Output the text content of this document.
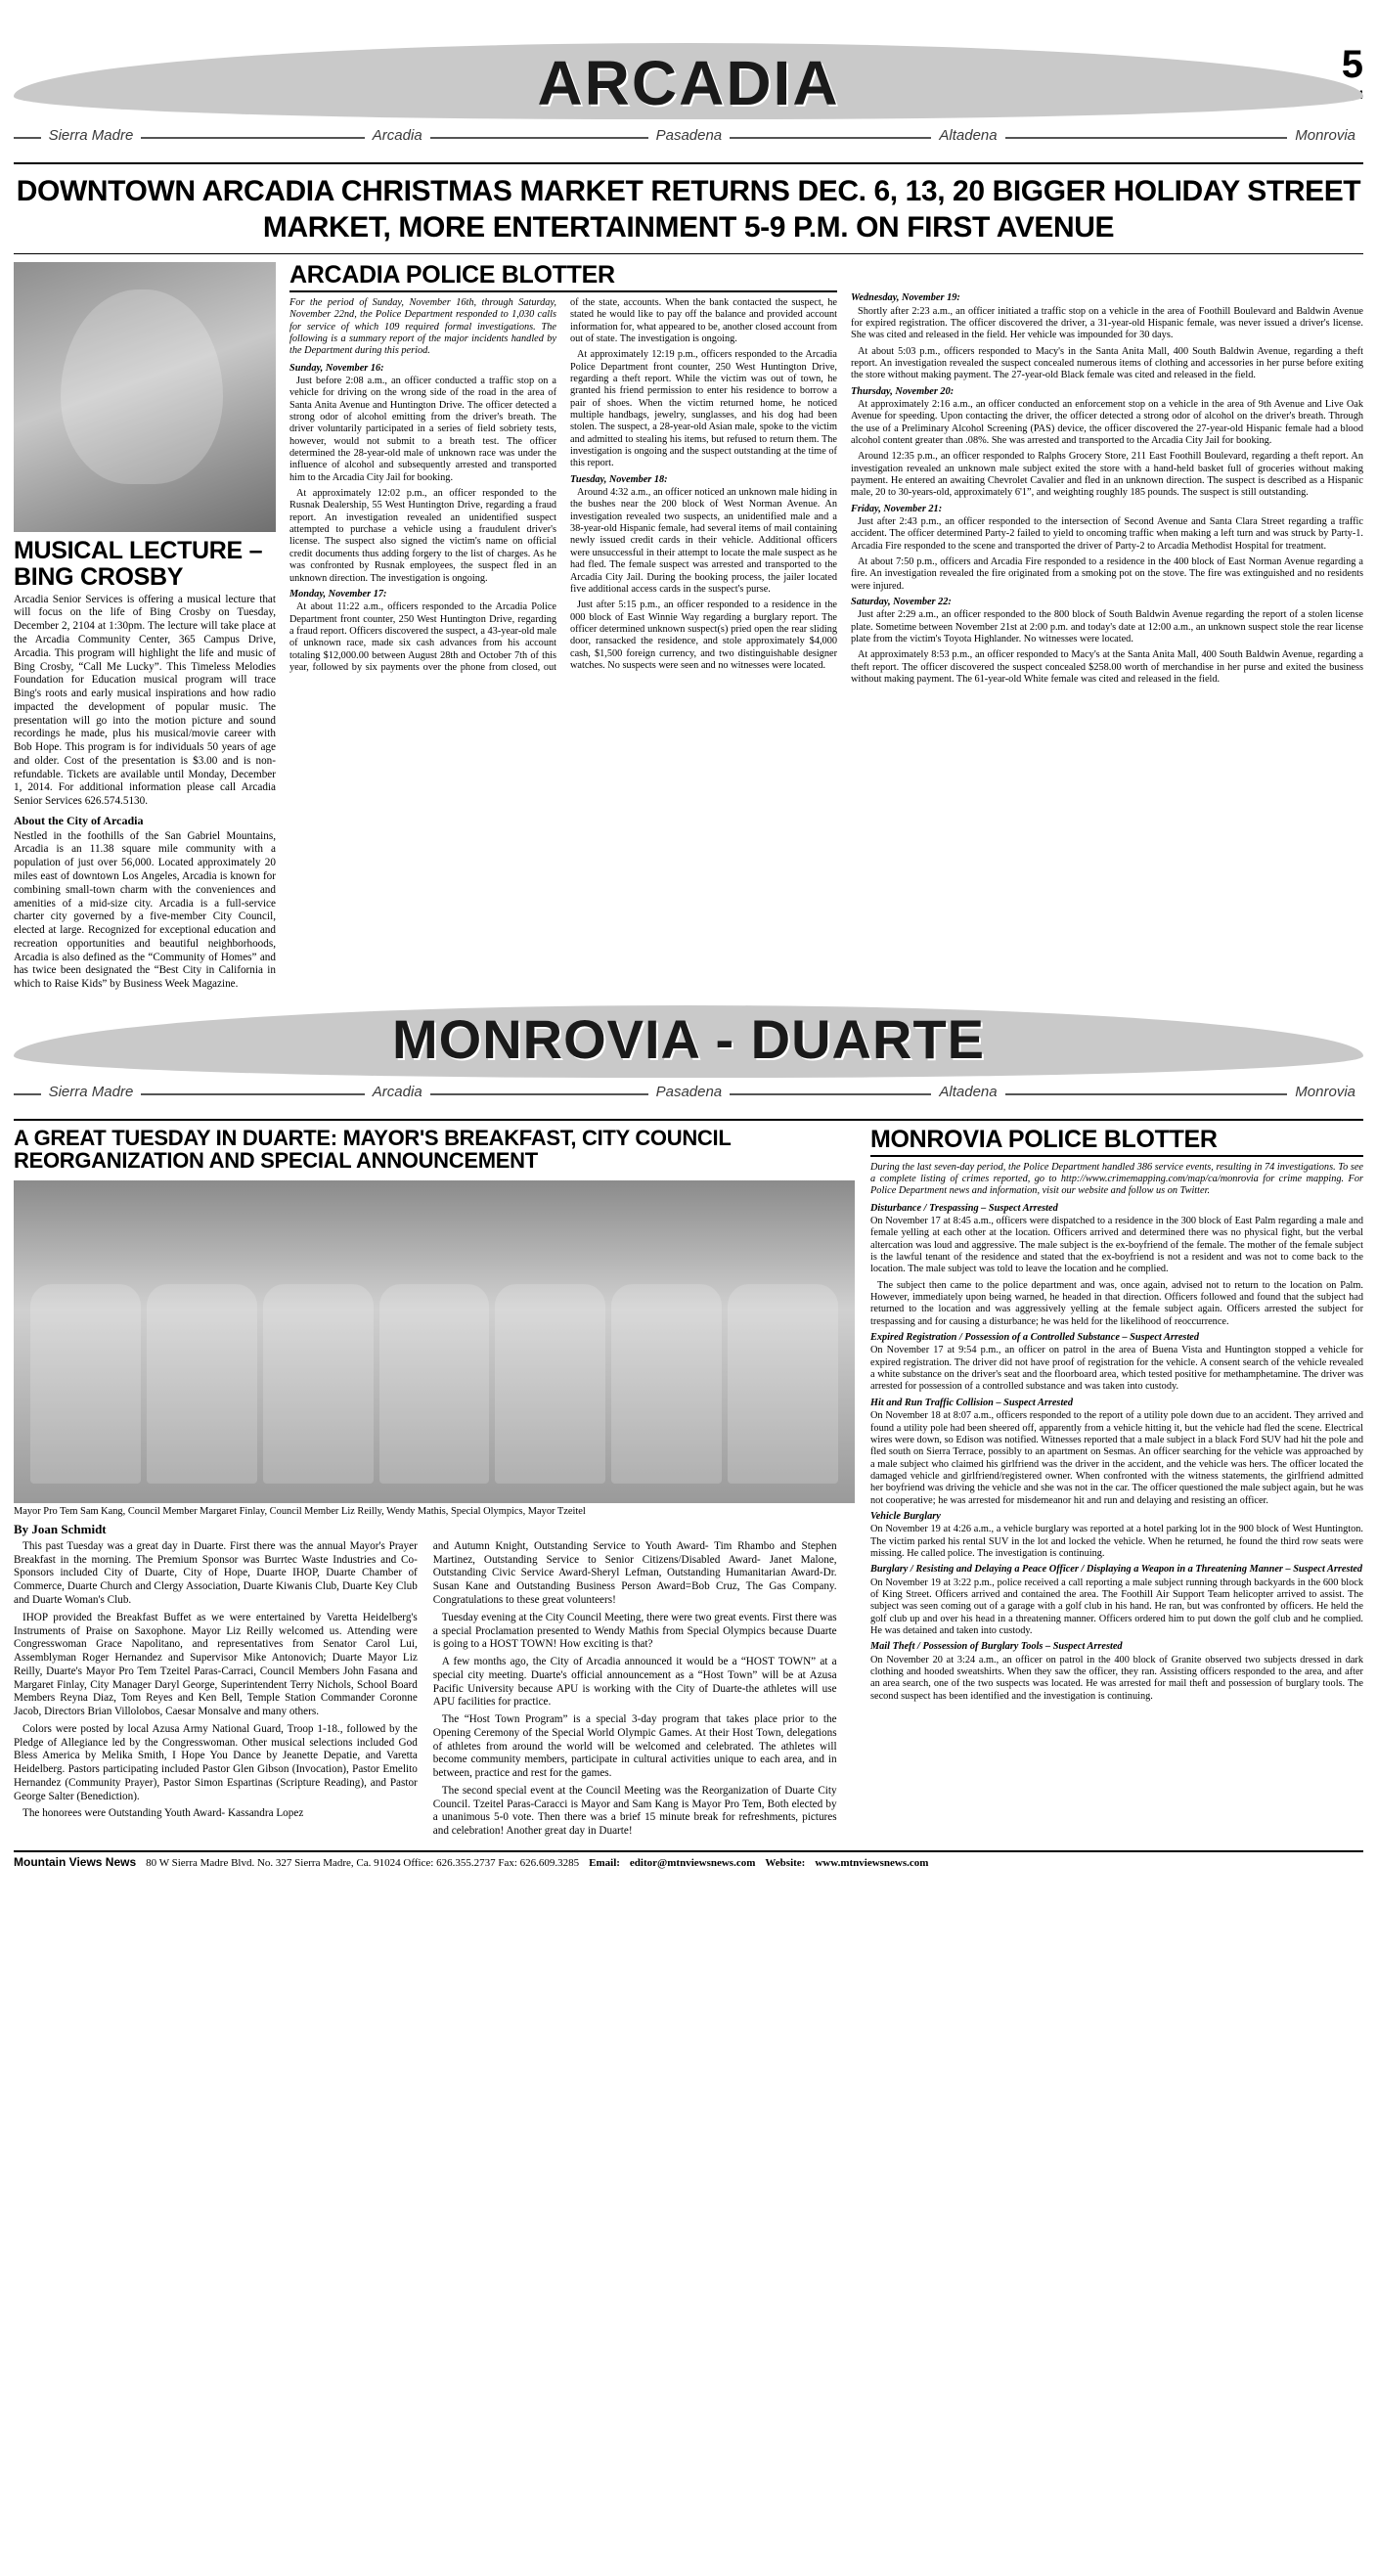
5
ARCADIA
Sierra Madre	Arcadia	Pasadena	Altadena	Monrovia
DOWNTOWN ARCADIA CHRISTMAS MARKET RETURNS DEC. 6, 13, 20 BIGGER HOLIDAY STREET MARKET, MORE ENTERTAINMENT 5-9 P.M. ON FIRST AVENUE
MUSICAL LECTURE – BING CROSBY

Arcadia Senior Services is offering a musical lecture that will focus on the life of Bing Crosby on Tuesday, December 2, 2104 at 1:30pm. The lecture will take place at the Arcadia Community Center, 365 Campus Drive, Arcadia. This program will highlight the life and music of Bing Crosby, “Call Me Lucky”. This Timeless Melodies Foundation for Education musical program will trace Bing's roots and early musical inspirations and how radio impacted the development of popular music. The presentation will go into the motion picture and sound recordings he made, plus his musical/movie career with Bob Hope. This program is for individuals 50 years of age and older. Cost of the presentation is $3.00 and is non-refundable. Tickets are available until Monday, December 1, 2014. For additional information please call Arcadia Senior Services 626.574.5130.

About the City of Arcadia

Nestled in the foothills of the San Gabriel Mountains, Arcadia is an 11.38 square mile community with a population of just over 56,000. Located approximately 20 miles east of downtown Los Angeles, Arcadia is known for combining small-town charm with the conveniences and amenities of a mid-size city. Arcadia is a full-service charter city governed by a five-member City Council, elected at large. Recognized for exceptional education and recreation opportunities and beautiful neighborhoods, Arcadia is also defined as the “Community of Homes” and has twice been designated the “Best City in California in which to Raise Kids” by Business Week Magazine.

ARCADIA POLICE BLOTTER
For the period of Sunday, November 16th, through Saturday, November 22nd, the Police Department responded to 1,030 calls for service of which 109 required formal investigations. The following is a summary report of the major incidents handled by the Department during this period.

Sunday, November 16:

Just before 2:08 a.m., an officer conducted a traffic stop on a vehicle for driving on the wrong side of the road in the area of Santa Anita Avenue and Huntington Drive. The officer detected a strong odor of alcohol emitting from the driver's breath. The driver voluntarily participated in a series of field sobriety tests, however, would not submit to a breath test. The officer determined the 28-year-old male of unknown race was under the influence of alcohol and subsequently arrested and transported him to the Arcadia City Jail for booking.

At approximately 12:02 p.m., an officer responded to the Rusnak Dealership, 55 West Huntington Drive, regarding a fraud report. An investigation revealed an unidentified suspect attempted to purchase a vehicle using a fraudulent driver's license. The suspect also signed the victim's name on official credit documents thus adding forgery to the list of charges. As he was confronted by Rusnak employees, the suspect fled in an unknown direction. The investigation is ongoing.

Monday, November 17:

At about 11:22 a.m., officers responded to the Arcadia Police Department front counter, 250 West Huntington Drive, regarding a fraud report. Officers discovered the suspect, a 43-year-old male of unknown race, made six cash advances from his account totaling $12,000.00 between August 28th and October 7th of this year, followed by six payments over the phone from closed, out of the state, accounts. When the bank contacted the suspect, he stated he would like to pay off the balance and provided account information for, what appeared to be, another closed account from out of state. The investigation is ongoing.

At approximately 12:19 p.m., officers responded to the Arcadia Police Department front counter, 250 West Huntington Drive, regarding a theft report. While the victim was out of town, he granted his friend permission to enter his residence to borrow a pair of shoes. When the victim returned home, he noticed multiple handbags, jewelry, sunglasses, and his dog had been stolen. The suspect, a 28-year-old Asian male, spoke to the victim and admitted to stealing his items, but refused to return them. The investigation is ongoing and the suspect outstanding at the time of this report.

Tuesday, November 18:

Around 4:32 a.m., an officer noticed an unknown male hiding in the bushes near the 200 block of West Norman Avenue. An investigation revealed two suspects, an unidentified male and a 38-year-old Hispanic female, had several items of mail containing newly issued credit cards in their vehicle. Additional officers were unsuccessful in their attempt to locate the male suspect as he had fled. The female suspect was arrested and transported to the Arcadia City Jail. During the booking process, the jailer located five additional access cards in the suspect's purse.

Just after 5:15 p.m., an officer responded to a residence in the 000 block of East Winnie Way regarding a burglary report. The officer determined unknown suspect(s) pried open the rear sliding door, ransacked the residence, and stole approximately $4,000 cash, $1,500 foreign currency, and two distinguishable designer watches. No suspects were seen and no witnesses were located.

Wednesday, November 19:

Shortly after 2:23 a.m., an officer initiated a traffic stop on a vehicle in the area of Foothill Boulevard and Baldwin Avenue for expired registration. The officer discovered the driver, a 31-year-old Hispanic female, was never issued a driver's license. She was cited and released in the field. Her vehicle was impounded for 30 days.

At about 5:03 p.m., officers responded to Macy's in the Santa Anita Mall, 400 South Baldwin Avenue, regarding a theft report. An investigation revealed the suspect concealed numerous items of clothing and accessories in her purse before exiting the store without making payment. The 27-year-old Black female was cited and released in the field.

Thursday, November 20:

At approximately 2:16 a.m., an officer conducted an enforcement stop on a vehicle in the area of 9th Avenue and Live Oak Avenue for speeding. Upon contacting the driver, the officer detected a strong odor of alcohol on the driver's breath. Through the use of a Preliminary Alcohol Screening (PAS) device, the officer discovered the 27-year-old Hispanic female had a blood alcohol content greater than .08%. She was arrested and transported to the Arcadia City Jail for booking.

Around 12:35 p.m., an officer responded to Ralphs Grocery Store, 211 East Foothill Boulevard, regarding a theft report. An investigation revealed an unknown male subject exited the store with a hand-held basket full of groceries without making payment. He entered an awaiting Chevrolet Cavalier and fled in an unknown direction. The suspect is described as a Hispanic male, 20 to 30-years-old, approximately 6'1”, and weighting roughly 185 pounds. The suspect is still outstanding.

Friday, November 21:

Just after 2:43 p.m., an officer responded to the intersection of Second Avenue and Santa Clara Street regarding a traffic accident. The officer determined Party-2 failed to yield to oncoming traffic when making a left turn and was struck by Party-1. Arcadia Fire responded to the scene and transported the driver of Party-2 to Arcadia Methodist Hospital for treatment.

At about 7:50 p.m., officers and Arcadia Fire responded to a residence in the 400 block of East Norman Avenue regarding a fire. An investigation revealed the fire originated from a smoking pot on the stove. The fire was extinguished and no residents were injured.

Saturday, November 22:

Just after 2:29 a.m., an officer responded to the 800 block of South Baldwin Avenue regarding the report of a stolen license plate. Sometime between November 21st at 2:00 p.m. and today's date at 12:00 a.m., an unknown suspect stole the rear license plate from the victim's Toyota Highlander. No witnesses were located.

At approximately 8:53 p.m., an officer responded to Macy's at the Santa Anita Mall, 400 South Baldwin Avenue, regarding a theft report. The officer discovered the suspect concealed $258.00 worth of merchandise in her purse and exited the business without making payment. The 61-year-old White female was cited and released in the field.

MONROVIA - DUARTE
Sierra Madre	Arcadia	Pasadena	Altadena	Monrovia
A GREAT TUESDAY IN DUARTE: MAYOR'S BREAKFAST, CITY COUNCIL REORGANIZATION AND SPECIAL ANNOUNCEMENT
Mayor Pro Tem Sam Kang, Council Member Margaret Finlay, Council Member Liz Reilly, Wendy Mathis, Special Olympics, Mayor Tzeitel
By Joan Schmidt

This past Tuesday was a great day in Duarte. First there was the annual Mayor's Prayer Breakfast in the morning. The Premium Sponsor was Burrtec Waste Industries and Co-Sponsors included City of Duarte, City of Hope, Duarte IHOP, Duarte Chamber of Commerce, Duarte Church and Clergy Association, Duarte Kiwanis Club, Duarte Key Club and Duarte Woman's Club.

IHOP provided the Breakfast Buffet as we were entertained by Varetta Heidelberg's Instruments of Praise on Saxophone. Mayor Liz Reilly welcomed us. Attending were Congresswoman Grace Napolitano, and representatives from Senator Carol Lui, Assemblyman Roger Hernandez and Supervisor Mike Antonovich; Duarte Mayor Liz Reilly, Duarte's Mayor Pro Tem Tzeitel Paras-Carraci, Council Members John Fasana and Margaret Finlay, City Manager Daryl George, Superintendent Terry Nichols, School Board Members Reyna Diaz, Tom Reyes and Ken Bell, Temple Station Commander Coronne Jacob, Directors Brian Villolobos, Caesar Monsalve and many others.

Colors were posted by local Azusa Army National Guard, Troop 1-18., followed by the Pledge of Allegiance led by the Congresswoman. Other musical selections included God Bless America by Melika Smith, I Hope You Dance by Jeanette Depatie, and Varetta Heidelberg. Pastors participating included Pastor Glen Gibson (Invocation), Pastor Emelito Hernandez (Community Prayer), Pastor Simon Espartinas (Scripture Reading), and Pastor George Salter (Benediction).

The honorees were Outstanding Youth Award- Kassandra Lopez

and Autumn Knight, Outstanding Service to Youth Award- Tim Rhambo and Stephen Martinez, Outstanding Service to Senior Citizens/Disabled Award- Janet Malone, Outstanding Civic Service Award-Sheryl Lefman, Outstanding Humanitarian Award-Dr. Susan Kane and Outstanding Business Person Award=Bob Cruz, The Gas Company. Congratulations to these great volunteers!

Tuesday evening at the City Council Meeting, there were two great events. First there was a special Proclamation presented to Wendy Mathis from Special Olympics because Duarte is going to a HOST TOWN! How exciting is that?

A few months ago, the City of Arcadia announced it would be a “HOST TOWN” at a special city meeting. Duarte's official announcement as a “Host Town” will be at Azusa Pacific University because APU is working with the City of Duarte-the athletes will use APU facilities for practice.

The “Host Town Program” is a special 3-day program that takes place prior to the Opening Ceremony of the Special World Olympic Games. At their Host Town, delegations of athletes from around the world will be welcomed and celebrated. The athletes will become community members, participate in cultural activities unique to each area, and in between, practice and rest for the games.

The second special event at the Council Meeting was the Reorganization of Duarte City Council. Tzeitel Paras-Caracci is Mayor and Sam Kang is Mayor Pro Tem, Both elected by a unanimous 5-0 vote. Then there was a brief 15 minute break for refreshments, pictures and celebration! Another great day in Duarte!

MONROVIA POLICE BLOTTER
During the last seven-day period, the Police Department handled 386 service events, resulting in 74 investigations. To see a complete listing of crimes reported, go to http://www.crimemapping.com/map/ca/monrovia for crime mapping. For Police Department news and information, visit our website and follow us on Twitter.

Disturbance / Trespassing – Suspect Arrested

On November 17 at 8:45 a.m., officers were dispatched to a residence in the 300 block of East Palm regarding a male and female yelling at each other at the location. Officers arrived and determined there was no physical fight, but the verbal altercation was loud and aggressive. The male subject is the ex-boyfriend of the female. The mother of the female subject is the lawful tenant of the residence and stated that the ex-boyfriend is not a resident and was not to come back to the location. The male subject was told to leave the location and he complied.

The subject then came to the police department and was, once again, advised not to return to the location on Palm. However, immediately upon being warned, he headed in that direction. Officers followed and found that the subject had returned to the location and was aggressively yelling at the female subject again. Officers arrested the subject for trespassing and for causing a disturbance; he was held for the likelihood of reoccurrence.

Expired Registration / Possession of a Controlled Substance – Suspect Arrested

On November 17 at 9:54 p.m., an officer on patrol in the area of Buena Vista and Huntington stopped a vehicle for expired registration. The driver did not have proof of registration for the vehicle. A consent search of the vehicle revealed a white substance on the driver's seat and the floorboard area, which tested positive for methamphetamine. The driver was arrested for possession of a controlled substance and was taken into custody.

Hit and Run Traffic Collision – Suspect Arrested

On November 18 at 8:07 a.m., officers responded to the report of a utility pole down due to an accident. They arrived and found a utility pole had been sheered off, apparently from a vehicle hitting it, but the vehicle had fled the scene. Electrical wires were down, so Edison was notified. Witnesses reported that a male subject in a black Ford SUV had hit the pole and fled south on Sierra Terrace, possibly to an apartment on Sesmas. An officer searching for the vehicle was approached by a male subject who claimed his girlfriend was the driver in the accident, and the vehicle was hers. The officer located the damaged vehicle and girlfriend/registered owner. When confronted with the witness statements, the girlfriend admitted her boyfriend was driving the vehicle and she was not in the car. The officer questioned the male subject again, but he was not cooperative; he was arrested for misdemeanor hit and run and delaying and resisting an officer.

Vehicle Burglary

On November 19 at 4:26 a.m., a vehicle burglary was reported at a hotel parking lot in the 900 block of West Huntington. The victim parked his rental SUV in the lot and locked the vehicle. When he returned, he found the third row seats were missing. He called police. The investigation is continuing.

Burglary / Resisting and Delaying a Peace Officer / Displaying a Weapon in a Threatening Manner – Suspect Arrested

On November 19 at 3:22 p.m., police received a call reporting a male subject running through backyards in the 600 block of King Street. Officers arrived and contained the area. The Foothill Air Support Team helicopter arrived to assist. The subject was seen coming out of a garage with a golf club in his hand. He ran, but was confronted by officers. He held the golf club up and over his head in a threatening manner. Officers ordered him to put down the golf club and he complied. He was detained and taken into custody.

Mail Theft / Possession of Burglary Tools – Suspect Arrested

On November 20 at 3:24 a.m., an officer on patrol in the 400 block of Granite observed two subjects dressed in dark clothing and hooded sweatshirts. When they saw the officer, they ran. Assisting officers responded to the area, and after an area search, one of the two suspects was located. He was arrested for mail theft and possession of burglary tools. The second suspect has been identified and the investigation is continuing.

Mountain Views News 80 W Sierra Madre Blvd. No. 327 Sierra Madre, Ca. 91024 Office: 626.355.2737 Fax: 626.609.3285 Email: editor@mtnviewsnews.com Website: www.mtnviewsnews.com
